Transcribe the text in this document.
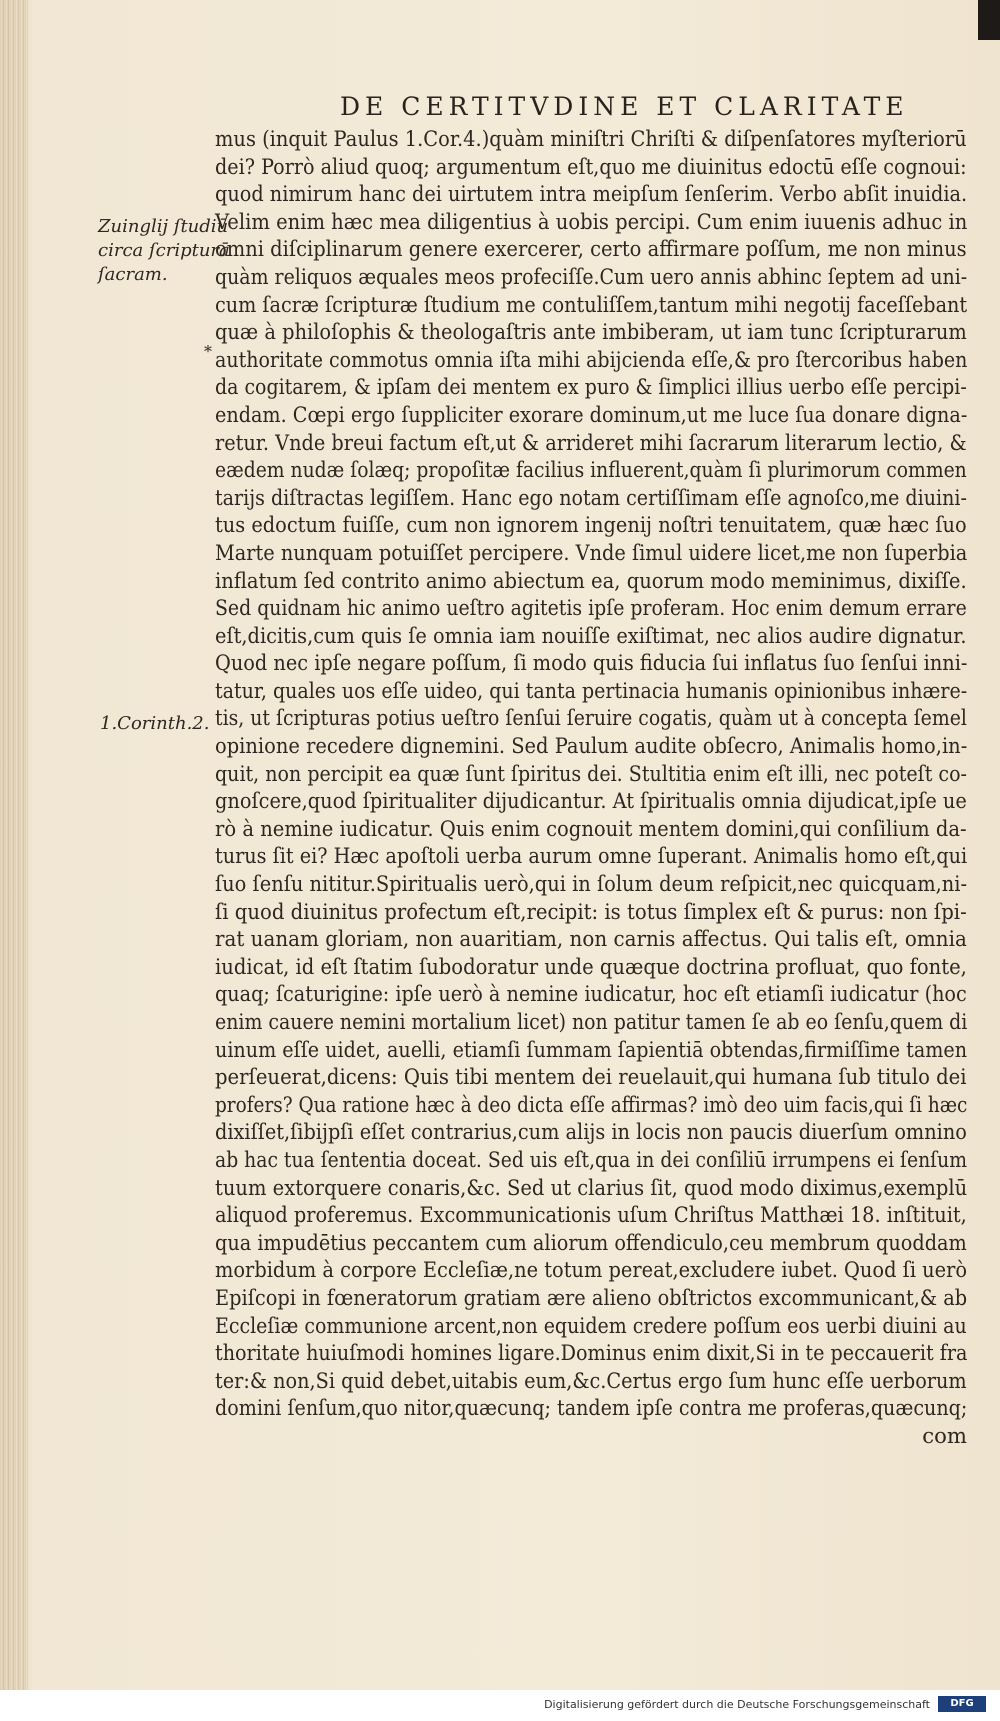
DE CERTITVDINE ET CLARITATE
Zuinglij ſtudiū
circa ſcripturā
ſacram.
*
1.Corinth.2.
mus (inquit Paulus 1.Cor.4.)quàm miniſtri Chriſti & diſpenſatores myſteriorū
dei? Porrò aliud quoq; argumentum eſt,quo me diuinitus edoctū eſſe cognoui:
quod nimirum hanc dei uirtutem intra meipſum ſenſerim. Verbo abſit inuidia.
Velim enim hæc mea diligentius à uobis percipi. Cum enim iuuenis adhuc in
omni diſciplinarum genere exercerer, certo affirmare poſſum, me non minus
quàm reliquos æquales meos profeciſſe.Cum uero annis abhinc ſeptem ad uni-
cum ſacræ ſcripturæ ſtudium me contuliſſem,tantum mihi negotij faceſſebant
quæ à philoſophis & theologaſtris ante imbiberam, ut iam tunc ſcripturarum
authoritate commotus omnia iſta mihi abijcienda eſſe,& pro ſtercoribus haben
da cogitarem, & ipſam dei mentem ex puro & ſimplici illius uerbo eſſe percipi-
endam. Cœpi ergo ſuppliciter exorare dominum,ut me luce ſua donare digna-
retur. Vnde breui factum eſt,ut & arrideret mihi ſacrarum literarum lectio, &
eædem nudæ ſolæq; propoſitæ facilius influerent,quàm ſi plurimorum commen
tarijs diſtractas legiſſem. Hanc ego notam certiſſimam eſſe agnoſco,me diuini-
tus edoctum fuiſſe, cum non ignorem ingenij noſtri tenuitatem, quæ hæc ſuo
Marte nunquam potuiſſet percipere. Vnde ſimul uidere licet,me non ſuperbia
inflatum ſed contrito animo abiectum ea, quorum modo meminimus, dixiſſe.
Sed quidnam hic animo ueſtro agitetis ipſe proferam. Hoc enim demum errare
eſt,dicitis,cum quis ſe omnia iam nouiſſe exiſtimat, nec alios audire dignatur.
Quod nec ipſe negare poſſum, ſi modo quis fiducia ſui inflatus ſuo ſenſui inni-
tatur, quales uos eſſe uideo, qui tanta pertinacia humanis opinionibus inhære-
tis, ut ſcripturas potius ueſtro ſenſui ſeruire cogatis, quàm ut à concepta ſemel
opinione recedere dignemini. Sed Paulum audite obſecro, Animalis homo,in-
quit, non percipit ea quæ ſunt ſpiritus dei. Stultitia enim eſt illi, nec poteſt co-
gnoſcere,quod ſpiritualiter dijudicantur. At ſpiritualis omnia dijudicat,ipſe ue
rò à nemine iudicatur. Quis enim cognouit mentem domini,qui conſilium da-
turus ſit ei? Hæc apoſtoli uerba aurum omne ſuperant. Animalis homo eſt,qui
ſuo ſenſu nititur.Spiritualis uerò,qui in ſolum deum reſpicit,nec quicquam,ni-
ſi quod diuinitus profectum eſt,recipit: is totus ſimplex eſt & purus: non ſpi-
rat uanam gloriam, non auaritiam, non carnis affectus. Qui talis eſt, omnia
iudicat, id eſt ſtatim ſubodoratur unde quæque doctrina profluat, quo fonte,
quaq; ſcaturigine: ipſe uerò à nemine iudicatur, hoc eſt etiamſi iudicatur (hoc
enim cauere nemini mortalium licet) non patitur tamen ſe ab eo ſenſu,quem di
uinum eſſe uidet, auelli, etiamſi ſummam ſapientiā obtendas,firmiſſime tamen
perſeuerat,dicens: Quis tibi mentem dei reuelauit,qui humana ſub titulo dei
profers? Qua ratione hæc à deo dicta eſſe affirmas? imò deo uim facis,qui ſi hæc
dixiſſet,ſibijpſi eſſet contrarius,cum alijs in locis non paucis diuerſum omnino
ab hac tua ſententia doceat. Sed uis eſt,qua in dei conſiliū irrumpens ei ſenſum
tuum extorquere conaris,&c. Sed ut clarius ſit, quod modo diximus,exemplū
aliquod proferemus. Excommunicationis uſum Chriſtus Matthæi 18. inſtituit,
qua impudētius peccantem cum aliorum offendiculo,ceu membrum quoddam
morbidum à corpore Eccleſiæ,ne totum pereat,excludere iubet. Quod ſi uerò
Epiſcopi in fœneratorum gratiam ære alieno obſtrictos excommunicant,& ab
Eccleſiæ communione arcent,non equidem credere poſſum eos uerbi diuini au
thoritate huiuſmodi homines ligare.Dominus enim dixit,Si in te peccauerit fra
ter:& non,Si quid debet,uitabis eum,&c.Certus ergo ſum hunc eſſe uerborum
domini ſenſum,quo nitor,quæcunq; tandem ipſe contra me proferas,quæcunq;
com
Digitalisierung gefördert durch die Deutsche Forschungsgemeinschaft	DFG
